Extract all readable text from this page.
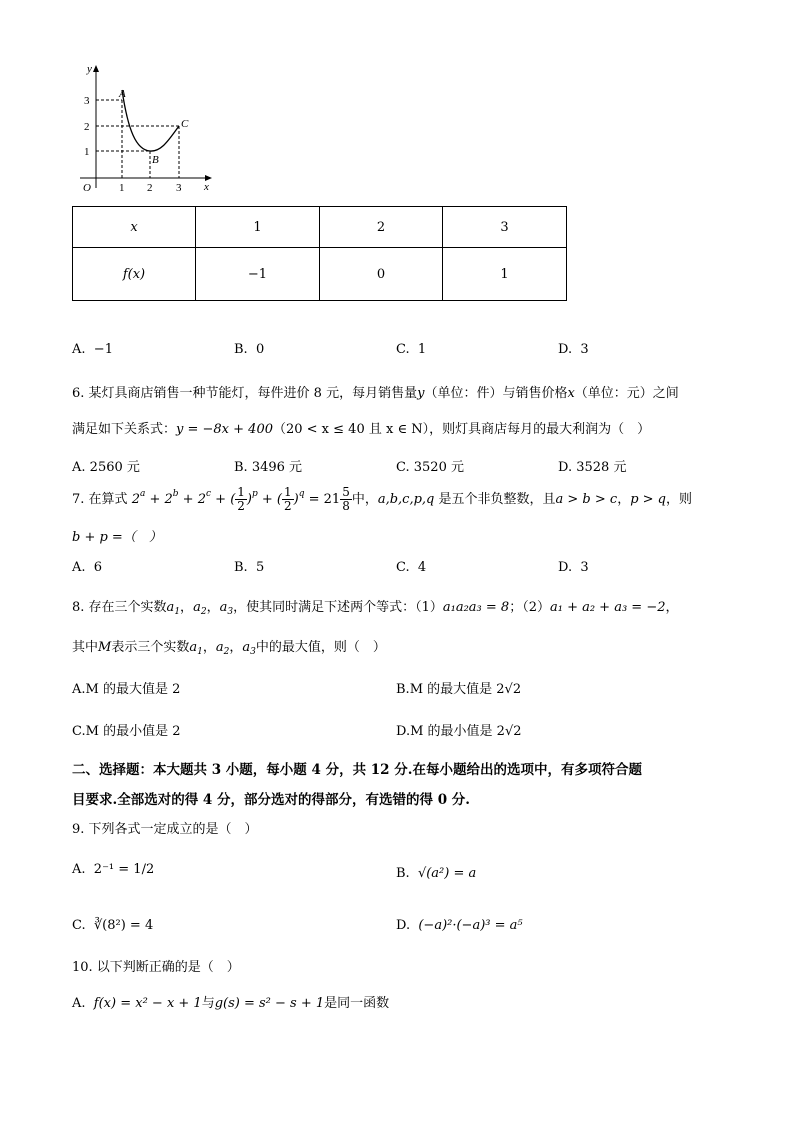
y
x
O
3
2
1
1 2 3
A
B
C
x	1	2	3
f(x)	−1	0	1
A. −1	B. 0	C. 1	D. 3
6. 某灯具商店销售一种节能灯，每件进价 8 元，每月销售量y（单位：件）与销售价格x（单位：元）之间
满足如下关系式：y = −8x + 400（20 < x ≤ 40 且 x ∈ N），则灯具商店每月的最大利润为（　）
A. 2560 元	B. 3496 元	C. 3520 元	D. 3528 元
7. 在算式 $2^a + 2^b + 2^c$ + ( $\frac{1}{2} )^p$ + ( $\frac{1}{2} )^q = 21 \frac{5}{8}$ 中，a,b,c,p,q 是五个非负整数，且a > b > c，p > q，则
b + p =（　）
A. 6	B. 5	C. 4	D. 3
8. 存在三个实数$a_1$，$a_2$，$a_3$，使其同时满足下述两个等式：（1）a₁a₂a₃ = 8；（2）a₁ + a₂ + a₃ = −2，
其中M表示三个实数$a_1$，$a_2$，$a_3$中的最大值，则（　）
A.M 的最大值是 2	B.M 的最大值是 2√2
C.M 的最小值是 2	D.M 的最小值是 2√2
二、选择题：本大题共 3 小题，每小题 4 分，共 12 分.在每小题给出的选项中，有多项符合题
目要求.全部选对的得 4 分，部分选对的得部分，有选错的得 0 分.
9. 下列各式一定成立的是（　）
A. 2⁻¹ = 1/2	B. √(a²) = a
C. ∛(8²) = 4	D. (−a)²·(−a)³ = a⁵
10. 以下判断正确的是（　）
A. f(x) = x² − x + 1与g(s) = s² − s + 1是同一函数
